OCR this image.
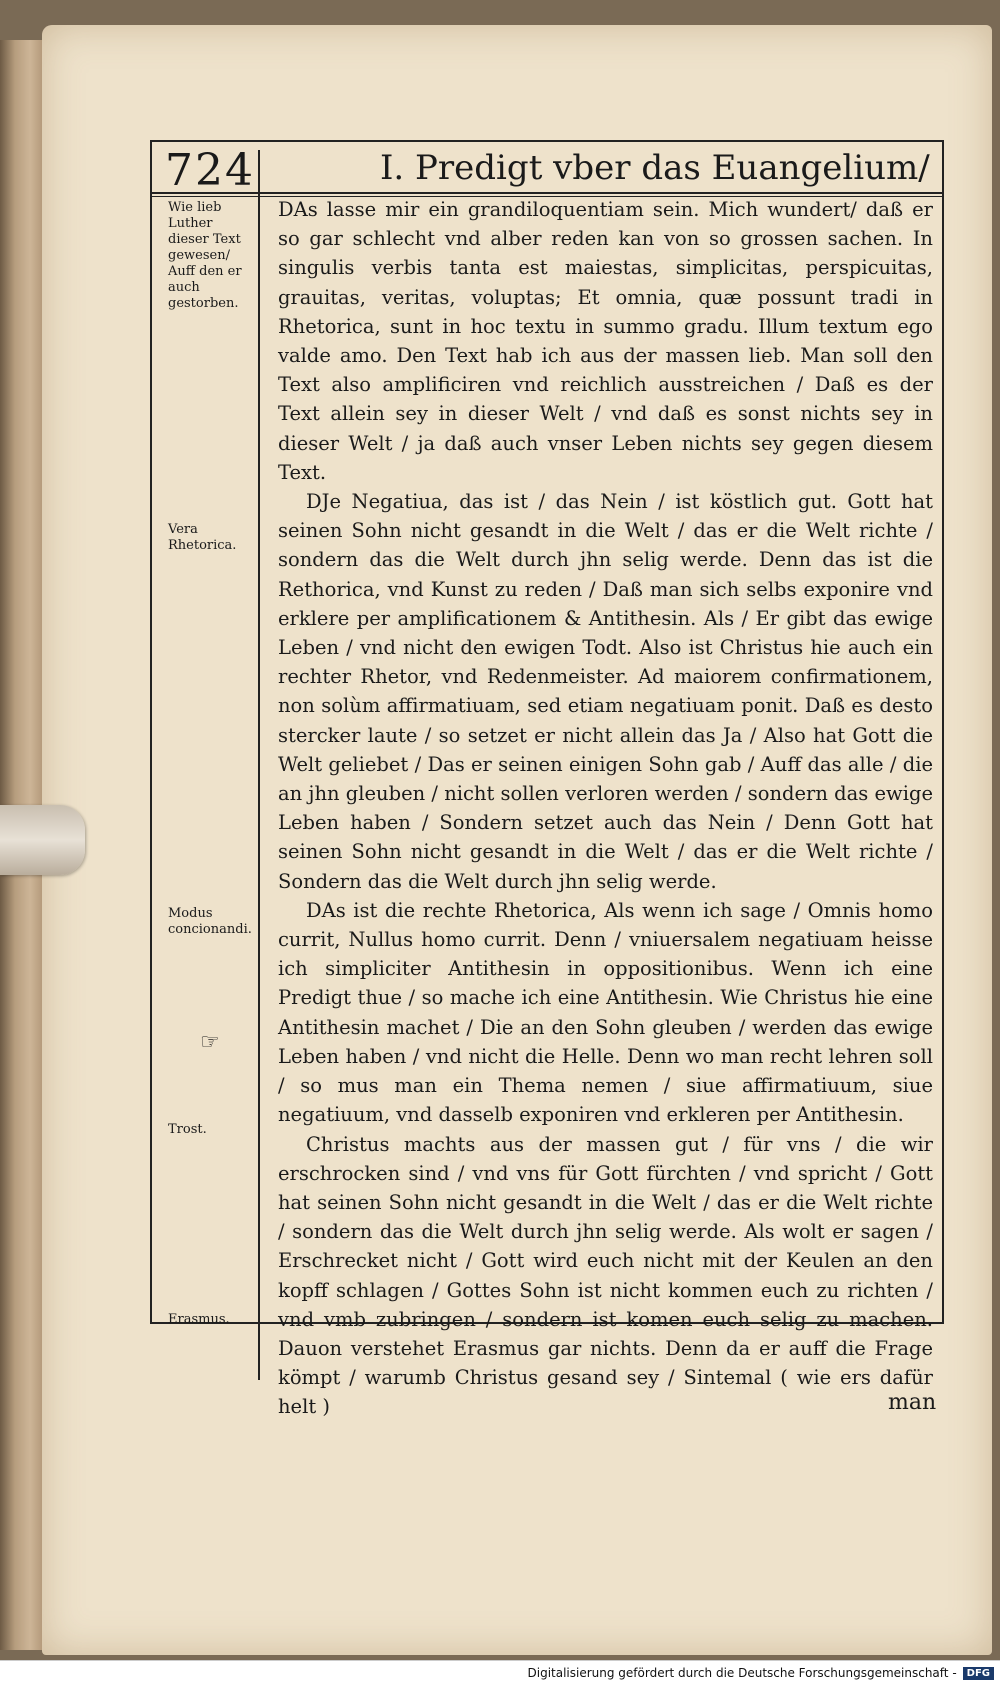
724	I. Predigt vber das Euangelium/
Wie lieb Luther dieser Text gewesen/ Auff den er auch gestorben.
Vera Rhetorica.
Modus concionandi.
☞
Trost.
Erasmus.

DAs lasse mir ein grandiloquentiam sein. Mich wundert/ daß er so gar schlecht vnd alber reden kan von so grossen sachen. In singulis verbis tanta est maiestas, simplicitas, perspicuitas, grauitas, veritas, voluptas; Et omnia, quæ possunt tradi in Rhetorica, sunt in hoc textu in summo gradu. Illum textum ego valde amo. Den Text hab ich aus der massen lieb. Man soll den Text also amplificiren vnd reichlich ausstreichen / Daß es der Text allein sey in dieser Welt / vnd daß es sonst nichts sey in dieser Welt / ja daß auch vnser Leben nichts sey gegen diesem Text.

DJe Negatiua, das ist / das Nein / ist köstlich gut. Gott hat seinen Sohn nicht gesandt in die Welt / das er die Welt richte / sondern das die Welt durch jhn selig werde. Denn das ist die Rethorica, vnd Kunst zu reden / Daß man sich selbs exponire vnd erklere per amplificationem & Antithesin. Als / Er gibt das ewige Leben / vnd nicht den ewigen Todt. Also ist Christus hie auch ein rechter Rhetor, vnd Redenmeister. Ad maiorem confirmationem, non solùm affirmatiuam, sed etiam negatiuam ponit. Daß es desto stercker laute / so setzet er nicht allein das Ja / Also hat Gott die Welt geliebet / Das er seinen einigen Sohn gab / Auff das alle / die an jhn gleuben / nicht sollen verloren werden / sondern das ewige Leben haben / Sondern setzet auch das Nein / Denn Gott hat seinen Sohn nicht gesandt in die Welt / das er die Welt richte / Sondern das die Welt durch jhn selig werde.

DAs ist die rechte Rhetorica, Als wenn ich sage / Omnis homo currit, Nullus homo currit. Denn / vniuersalem negatiuam heisse ich simpliciter Antithesin in oppositionibus. Wenn ich eine Predigt thue / so mache ich eine Antithesin. Wie Christus hie eine Antithesin machet / Die an den Sohn gleuben / werden das ewige Leben haben / vnd nicht die Helle. Denn wo man recht lehren soll / so mus man ein Thema nemen / siue affirmatiuum, siue negatiuum, vnd dasselb exponiren vnd erkleren per Antithesin.

Christus machts aus der massen gut / für vns / die wir erschrocken sind / vnd vns für Gott fürchten / vnd spricht / Gott hat seinen Sohn nicht gesandt in die Welt / das er die Welt richte / sondern das die Welt durch jhn selig werde. Als wolt er sagen / Erschrecket nicht / Gott wird euch nicht mit der Keulen an den kopff schlagen / Gottes Sohn ist nicht kommen euch zu richten / vnd vmb zubringen / sondern ist komen euch selig zu machen. Dauon verstehet Erasmus gar nichts. Denn da er auff die Frage kömpt / warumb Christus gesand sey / Sintemal ( wie ers dafür helt )	man
Digitalisierung gefördert durch die Deutsche Forschungsgemeinschaft -	DFG
